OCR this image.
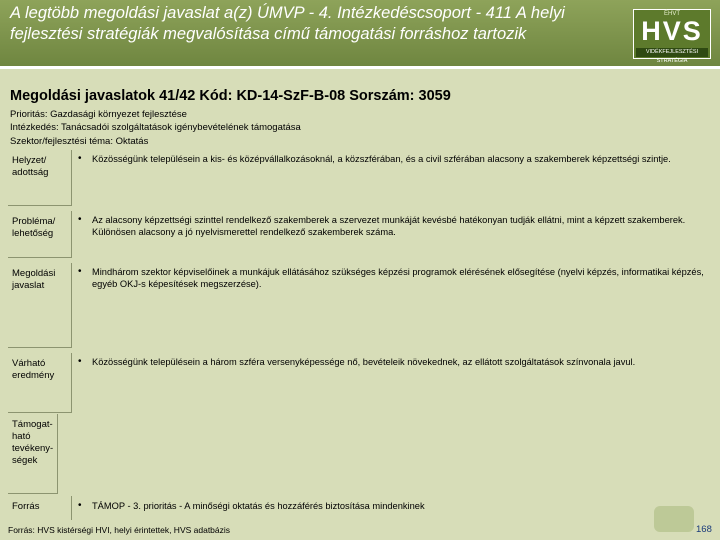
A legtöbb megoldási javaslat a(z) ÚMVP - 4. Intézkedéscsoport - 411 A helyi fejlesztési stratégiák megvalósítása című támogatási forráshoz tartozik
ÉHVT
HVS
VIDÉKFEJLESZTÉSI STRATÉGIA
Megoldási javaslatok 41/42 Kód: KD-14-SzF-B-08 Sorszám: 3059
Prioritás: Gazdasági környezet fejlesztése
Intézkedés: Tanácsadói szolgáltatások igénybevételének támogatása
Szektor/fejlesztési téma: Oktatás
Helyzet/ adottság
• Közösségünk településein a kis- és középvállalkozásoknál, a közszférában, és a civil szférában alacsony a szakemberek képzettségi szintje.
Probléma/ lehetőség
• Az alacsony képzettségi szinttel rendelkező szakemberek a szervezet munkáját kevésbé hatékonyan tudják ellátni, mint a képzett szakemberek. Különösen alacsony a jó nyelvismerettel rendelkező szakemberek száma.
Megoldási javaslat
• Mindhárom szektor képviselőinek a munkájuk ellátásához szükséges képzési programok elérésének elősegítése (nyelvi képzés, informatikai képzés, egyéb OKJ-s képesítések megszerzése).
Várható eredmény
• Közösségünk településein a három szféra versenyképessége nő, bevételeik növekednek, az ellátott szolgáltatások színvonala javul.
Támogat- ható tevékeny- ségek
Forrás	• TÁMOP - 3. prioritás - A minőségi oktatás és hozzáférés biztosítása mindenkinek
Forrás: HVS kistérségi HVI, helyi érintettek, HVS adatbázis	168
